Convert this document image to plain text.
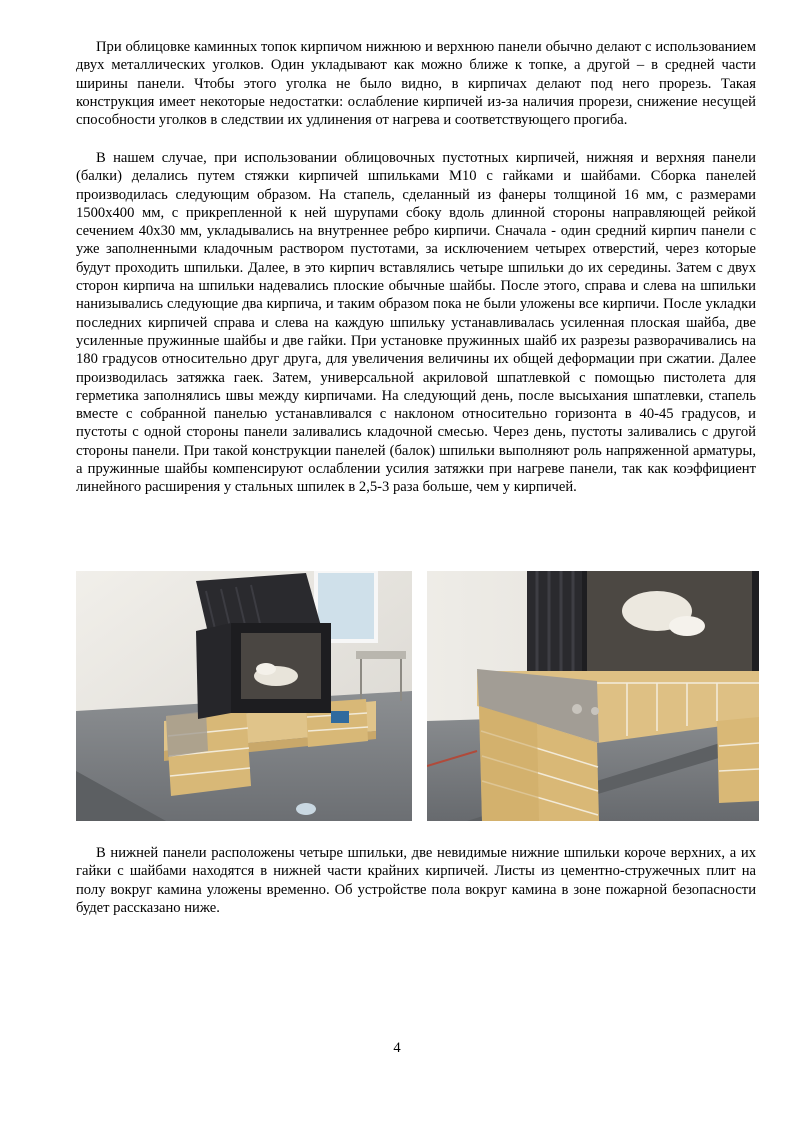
При облицовке каминных топок кирпичом нижнюю и верхнюю панели обычно делают с использованием двух металлических уголков. Один укладывают как можно ближе к топке, а другой – в средней части ширины панели. Чтобы этого уголка не было видно, в кирпичах делают под него прорезь. Такая конструкция имеет некоторые недостатки: ослабление кирпичей из-за наличия прорези, снижение несущей способности уголков в следствии их удлинения от нагрева и соответствующего прогиба.

В нашем случае, при использовании облицовочных пустотных кирпичей, нижняя и верхняя панели (балки) делались путем стяжки кирпичей шпильками М10 с гайками и шайбами. Сборка панелей производилась следующим образом. На стапель, сделанный из фанеры толщиной 16 мм, с размерами 1500х400 мм, с прикрепленной к ней шурупами сбоку вдоль длинной стороны направляющей рейкой сечением 40х30 мм, укладывались на внутреннее ребро кирпичи. Сначала - один средний кирпич панели с уже заполненными кладочным раствором пустотами, за исключением четырех отверстий, через которые будут проходить шпильки. Далее, в это кирпич вставлялись четыре шпильки до их середины. Затем с двух сторон кирпича на шпильки надевались плоские обычные шайбы. После этого, справа и слева на шпильки нанизывались следующие два кирпича, и таким образом пока не были уложены все кирпичи. После укладки последних кирпичей справа и слева на каждую шпильку устанавливалась усиленная плоская шайба, две усиленные пружинные шайбы и две гайки. При установке пружинных шайб их разрезы разворачивались на 180 градусов относительно друг друга, для увеличения величины их общей деформации при сжатии. Далее производилась затяжка гаек. Затем, универсальной акриловой шпатлевкой с помощью пистолета для герметика заполнялись швы между кирпичами. На следующий день, после высыхания шпатлевки, стапель вместе с собранной панелью устанавливался с наклоном относительно горизонта в 40-45 градусов, и пустоты с одной стороны панели заливались кладочной смесью. Через день, пустоты заливались с другой стороны панели. При такой конструкции панелей (балок) шпильки выполняют роль напряженной арматуры, а пружинные шайбы компенсируют ослаблении усилия затяжки при нагреве панели, так как коэффициент линейного расширения у стальных шпилек в 2,5-3 раза больше, чем у кирпичей.

В нижней панели расположены четыре шпильки, две невидимые нижние шпильки короче верхних, а их гайки с шайбами находятся в нижней части крайних кирпичей. Листы из цементно-стружечных плит на полу вокруг камина уложены временно. Об устройстве пола вокруг камина в зоне пожарной безопасности будет рассказано ниже.

4
